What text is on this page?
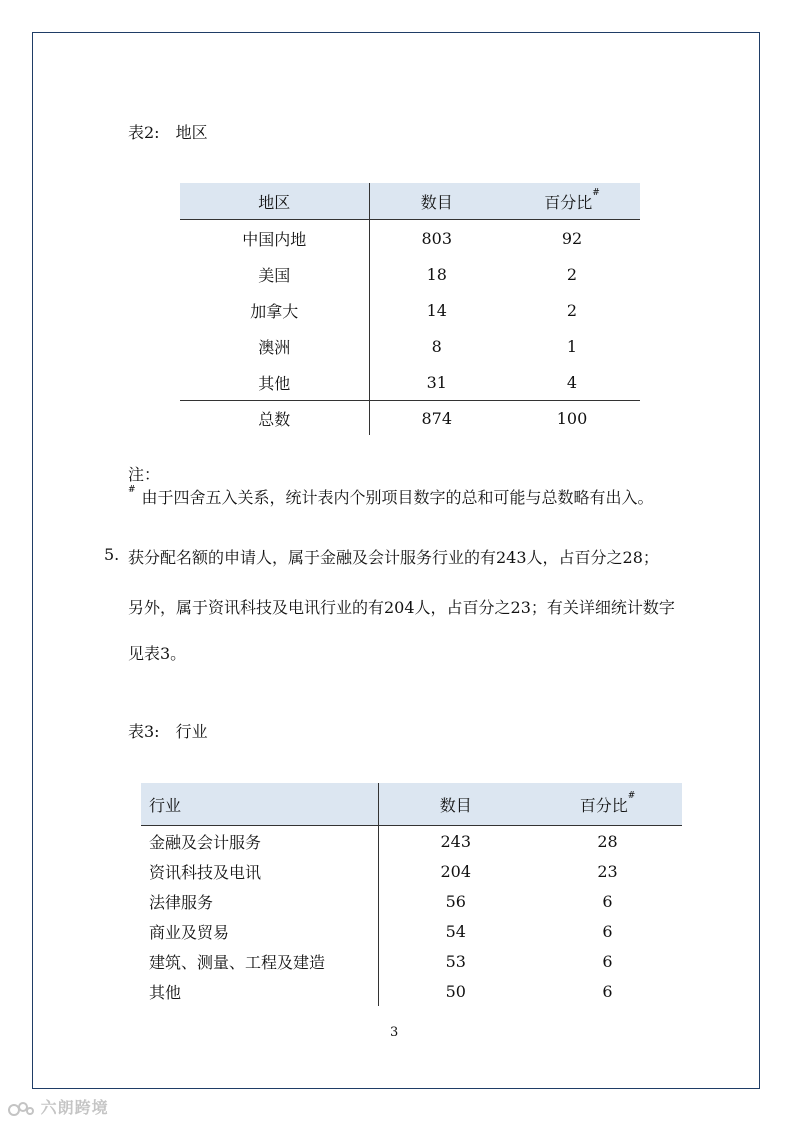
表2: 地区
地区	数目	百分比#
中国内地	803	92
美国	18	2
加拿大	14	2
澳洲	8	1
其他	31	4
总数	874	100
注：
# 由于四舍五入关系，统计表内个别项目数字的总和可能与总数略有出入。
5. 获分配名额的申请人，属于金融及会计服务行业的有243人，占百分之28；
另外，属于资讯科技及电讯行业的有204人，占百分之23；有关详细统计数字
见表3。
表3: 行业
行业	数目	百分比#
金融及会计服务	243	28
资讯科技及电讯	204	23
法律服务	56	6
商业及贸易	54	6
建筑、测量、工程及建造	53	6
其他	50	6
3
六朗跨境
